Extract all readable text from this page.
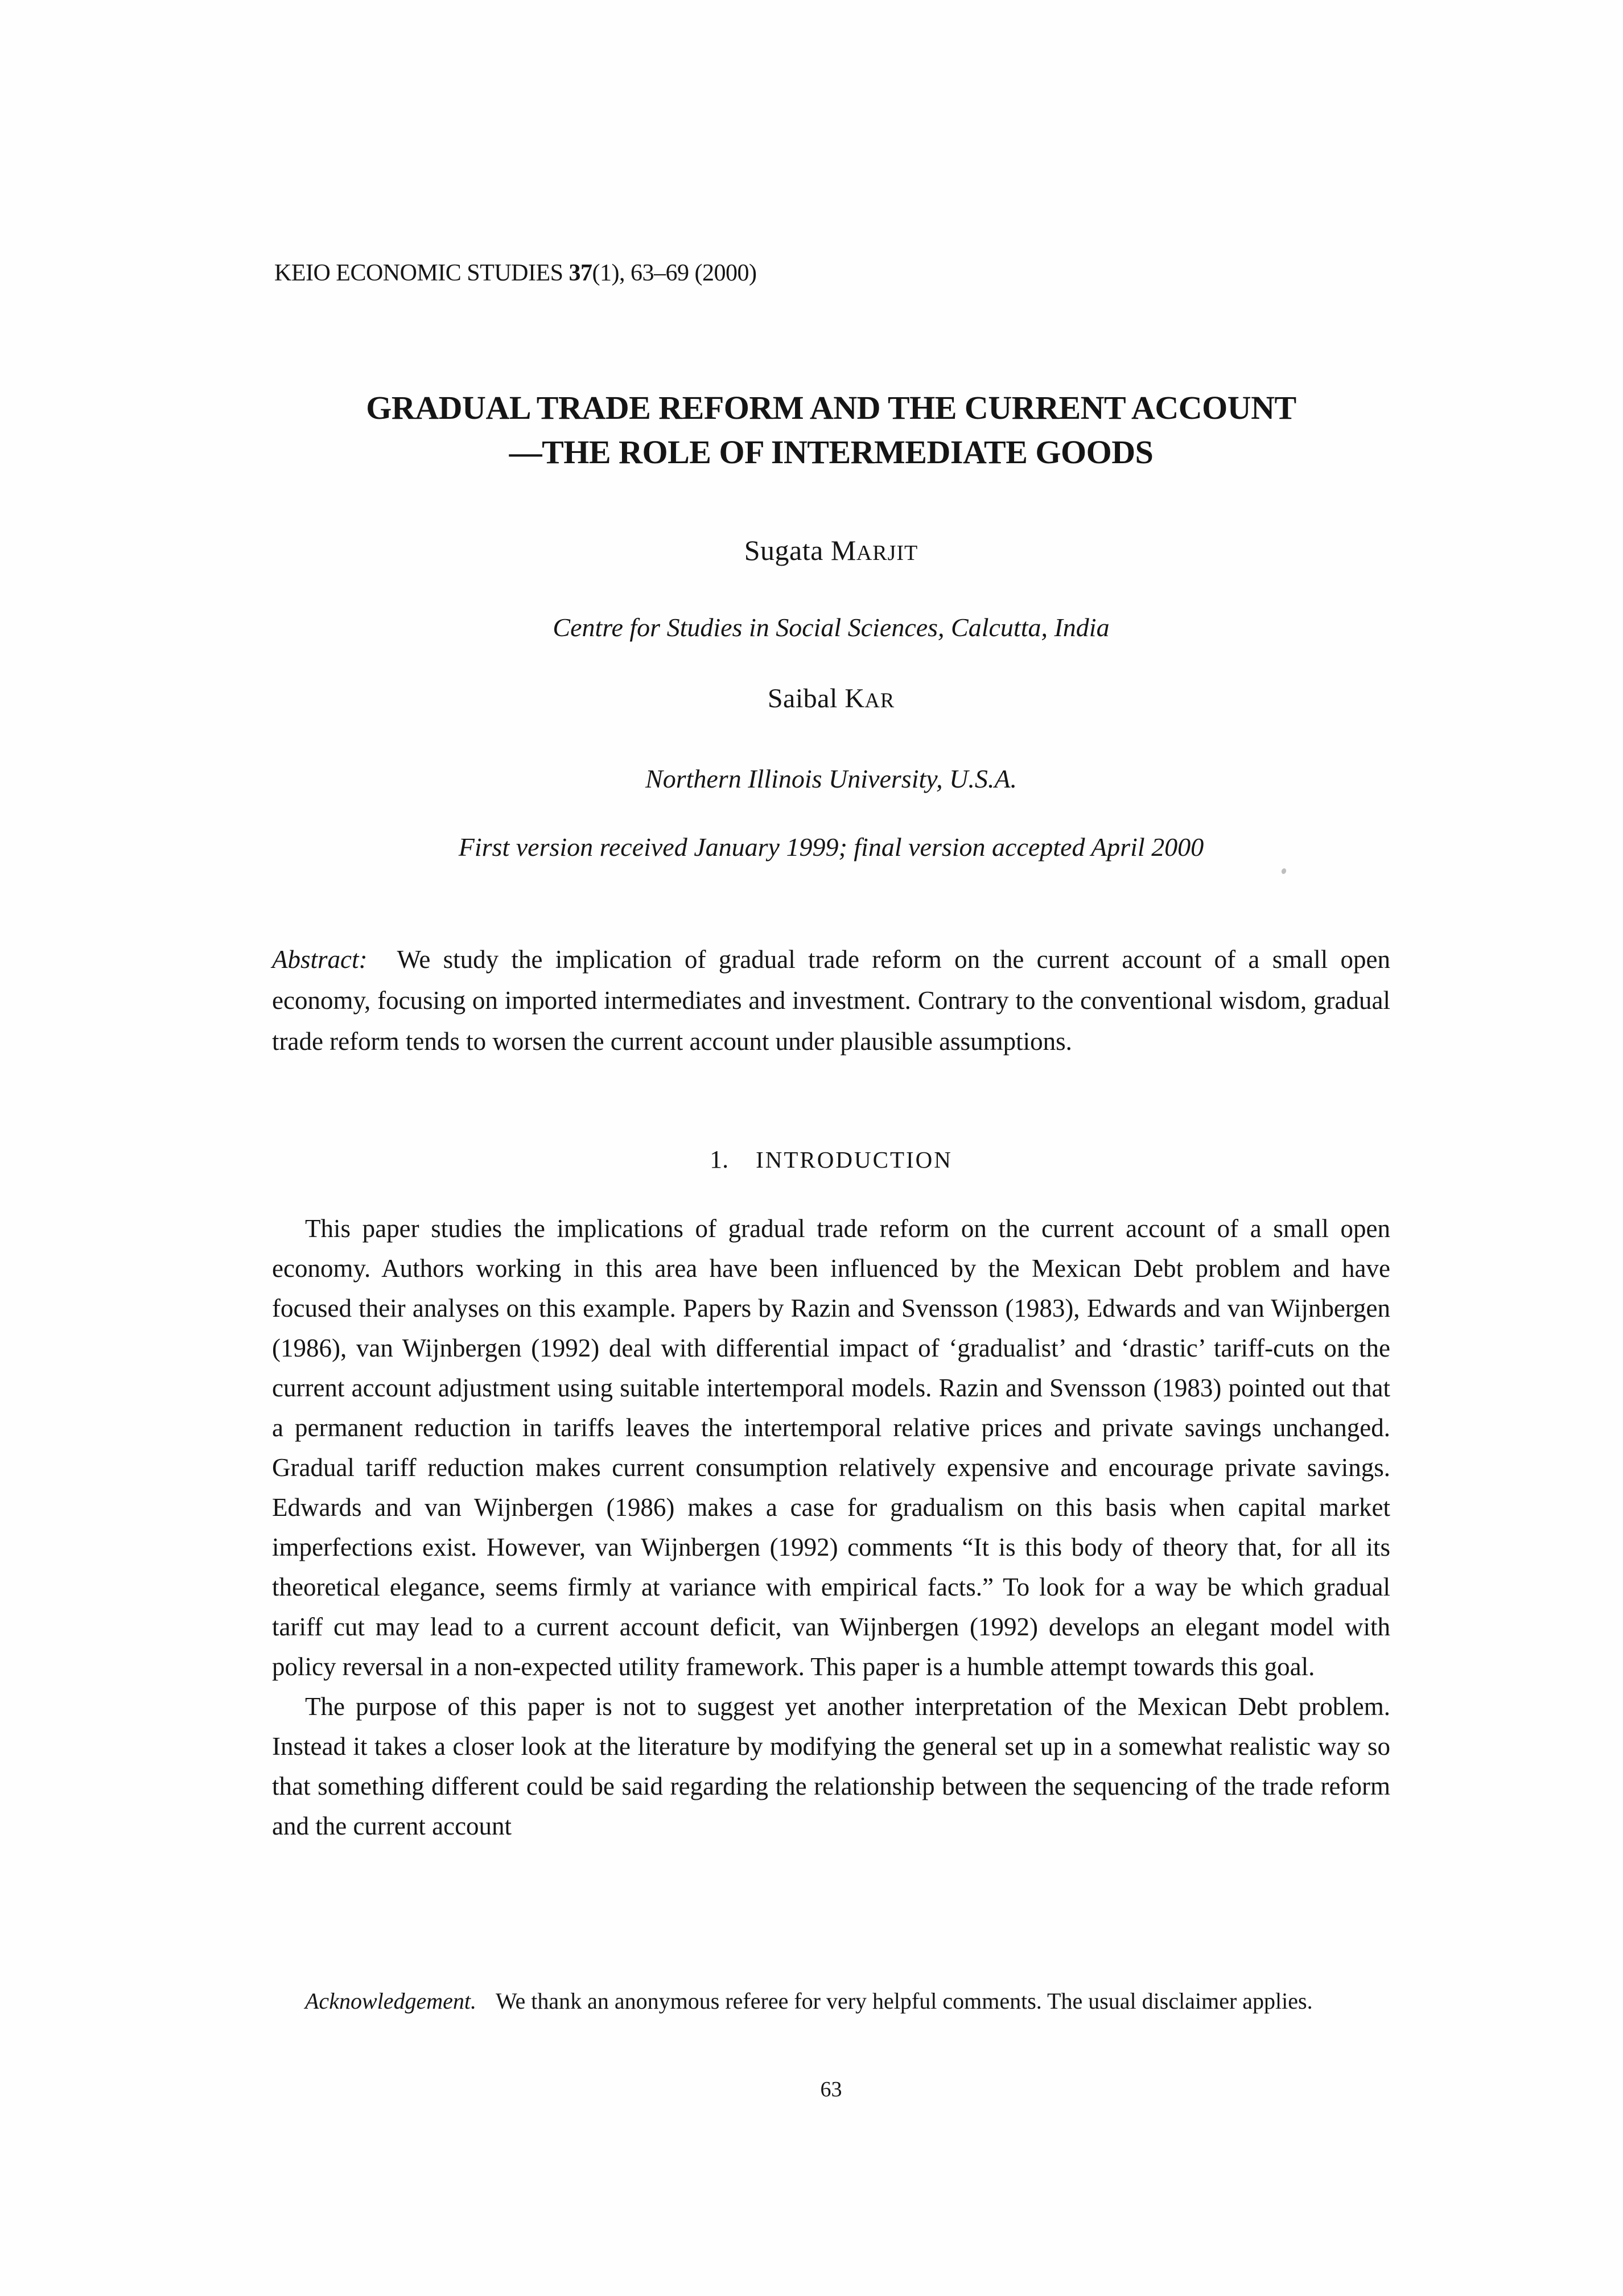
KEIO ECONOMIC STUDIES 37(1), 63–69 (2000)
GRADUAL TRADE REFORM AND THE CURRENT ACCOUNT
—THE ROLE OF INTERMEDIATE GOODS
Sugata MARJIT
Centre for Studies in Social Sciences, Calcutta, India
Saibal KAR
Northern Illinois University, U.S.A.
First version received January 1999; final version accepted April 2000
Abstract: We study the implication of gradual trade reform on the current account of a small open economy, focusing on imported intermediates and investment. Contrary to the conventional wisdom, gradual trade reform tends to worsen the current account under plausible assumptions.
1. INTRODUCTION

This paper studies the implications of gradual trade reform on the current account of a small open economy. Authors working in this area have been influenced by the Mexican Debt problem and have focused their analyses on this example. Papers by Razin and Svensson (1983), Edwards and van Wijnbergen (1986), van Wijnbergen (1992) deal with differential impact of ‘gradualist’ and ‘drastic’ tariff-cuts on the current account adjustment using suitable intertemporal models. Razin and Svensson (1983) pointed out that a permanent reduction in tariffs leaves the intertemporal relative prices and private savings unchanged. Gradual tariff reduction makes current consumption relatively expensive and encourage private savings. Edwards and van Wijnbergen (1986) makes a case for gradualism on this basis when capital market imperfections exist. However, van Wijnbergen (1992) comments “It is this body of theory that, for all its theoretical elegance, seems firmly at variance with empirical facts.” To look for a way be which gradual tariff cut may lead to a current account deficit, van Wijnbergen (1992) develops an elegant model with policy reversal in a non-expected utility framework. This paper is a humble attempt towards this goal.

The purpose of this paper is not to suggest yet another interpretation of the Mexican Debt problem. Instead it takes a closer look at the literature by modifying the general set up in a somewhat realistic way so that something different could be said regarding the relationship between the sequencing of the trade reform and the current account

Acknowledgement. We thank an anonymous referee for very helpful comments. The usual disclaimer applies.
63
